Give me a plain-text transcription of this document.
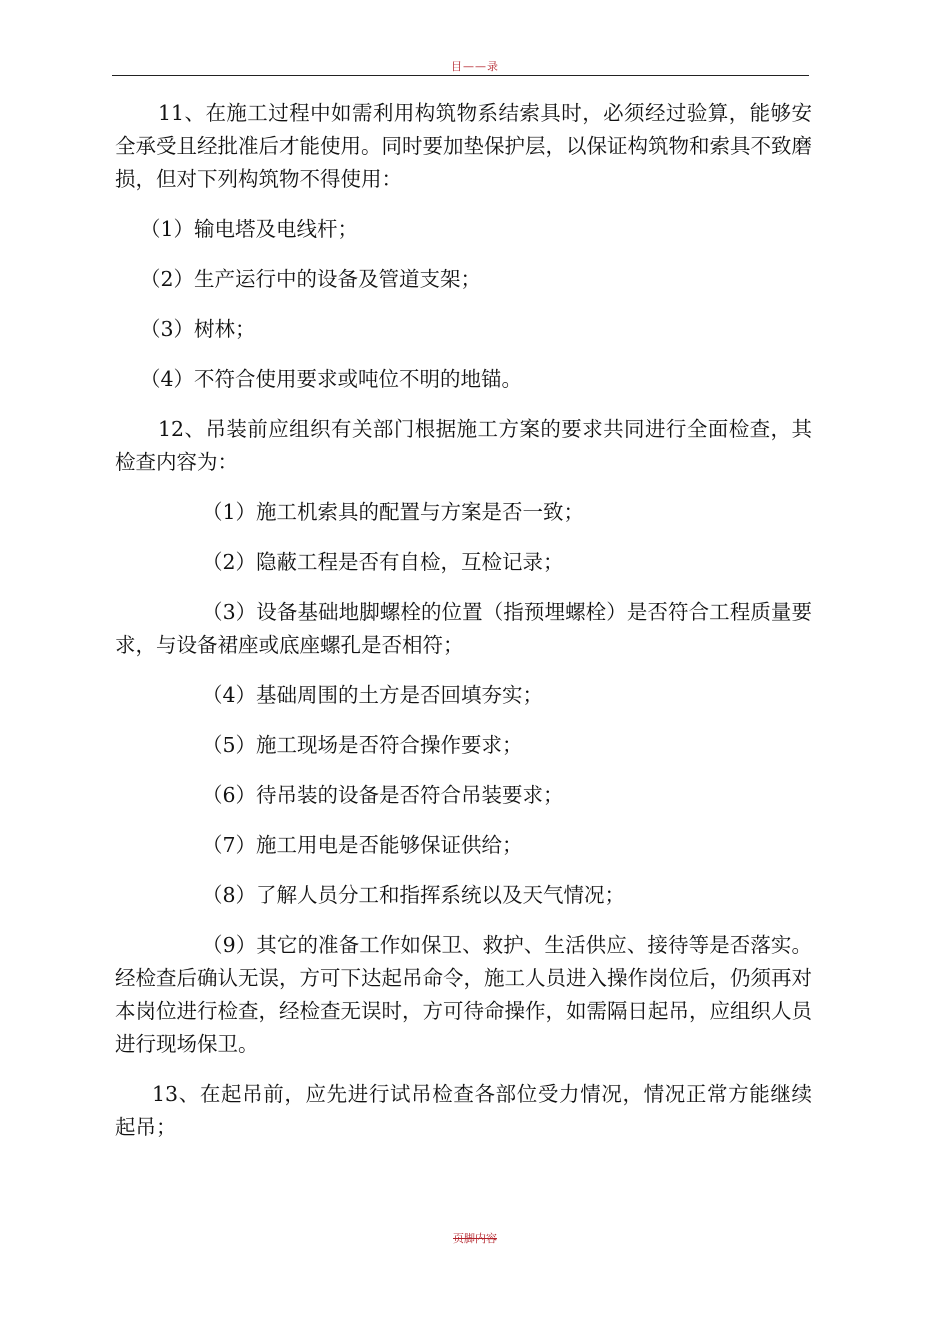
目——录

11、在施工过程中如需利用构筑物系结索具时，必须经过验算，能够安全承受且经批准后才能使用。同时要加垫保护层，以保证构筑物和索具不致磨损，但对下列构筑物不得使用：

（1）输电塔及电线杆；

（2）生产运行中的设备及管道支架；

（3）树林；

（4）不符合使用要求或吨位不明的地锚。

12、吊装前应组织有关部门根据施工方案的要求共同进行全面检查，其检查内容为：

（1）施工机索具的配置与方案是否一致；

（2）隐蔽工程是否有自检，互检记录；

（3）设备基础地脚螺栓的位置（指预埋螺栓）是否符合工程质量要求，与设备裙座或底座螺孔是否相符；

（4）基础周围的土方是否回填夯实；

（5）施工现场是否符合操作要求；

（6）待吊装的设备是否符合吊装要求；

（7）施工用电是否能够保证供给；

（8）了解人员分工和指挥系统以及天气情况；

（9）其它的准备工作如保卫、救护、生活供应、接待等是否落实。经检查后确认无误，方可下达起吊命令，施工人员进入操作岗位后，仍须再对本岗位进行检查，经检查无误时，方可待命操作，如需隔日起吊，应组织人员进行现场保卫。

13、在起吊前，应先进行试吊检查各部位受力情况，情况正常方能继续起吊；

页脚内容
